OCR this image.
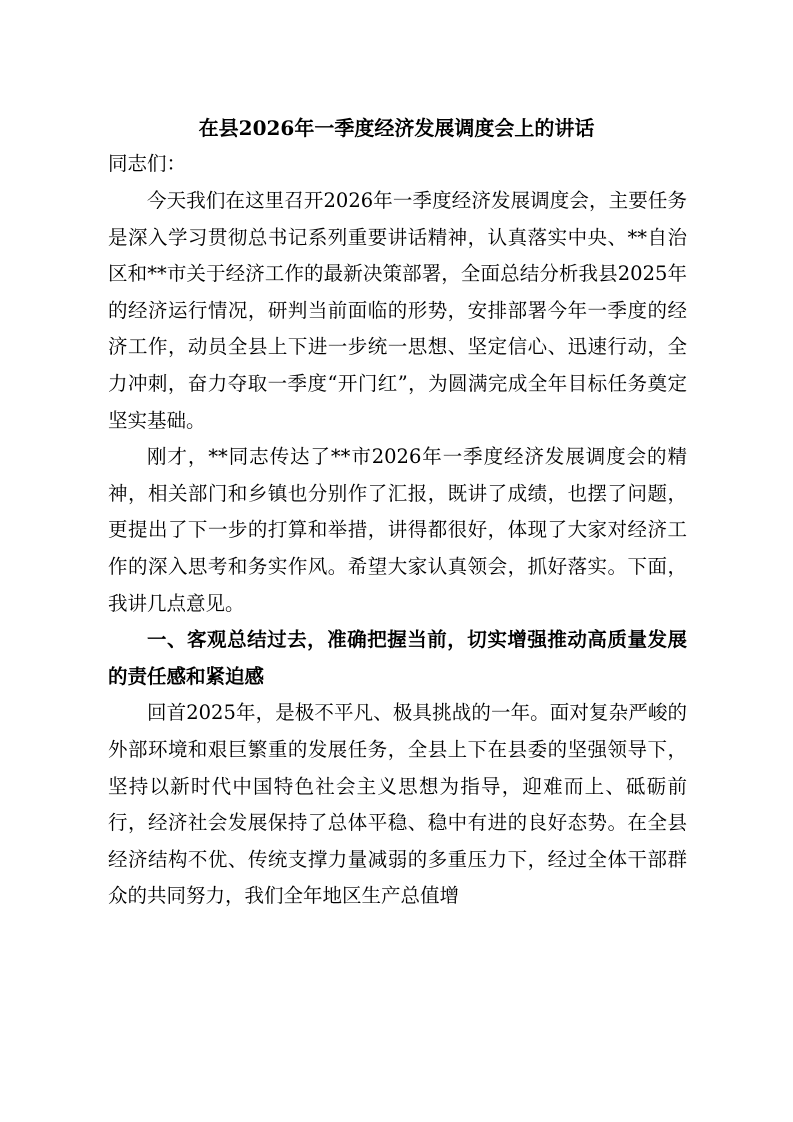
在县2026年一季度经济发展调度会上的讲话

同志们：

今天我们在这里召开2026年一季度经济发展调度会，主要任务是深入学习贯彻总书记系列重要讲话精神，认真落实中央、**自治区和**市关于经济工作的最新决策部署，全面总结分析我县2025年的经济运行情况，研判当前面临的形势，安排部署今年一季度的经济工作，动员全县上下进一步统一思想、坚定信心、迅速行动，全力冲刺，奋力夺取一季度“开门红”，为圆满完成全年目标任务奠定坚实基础。

刚才，**同志传达了**市2026年一季度经济发展调度会的精神，相关部门和乡镇也分别作了汇报，既讲了成绩，也摆了问题，更提出了下一步的打算和举措，讲得都很好，体现了大家对经济工作的深入思考和务实作风。希望大家认真领会，抓好落实。下面，我讲几点意见。

一、客观总结过去，准确把握当前，切实增强推动高质量发展的责任感和紧迫感

回首2025年，是极不平凡、极具挑战的一年。面对复杂严峻的外部环境和艰巨繁重的发展任务，全县上下在县委的坚强领导下，坚持以新时代中国特色社会主义思想为指导，迎难而上、砥砺前行，经济社会发展保持了总体平稳、稳中有进的良好态势。在全县经济结构不优、传统支撑力量减弱的多重压力下，经过全体干部群众的共同努力，我们全年地区生产总值增
